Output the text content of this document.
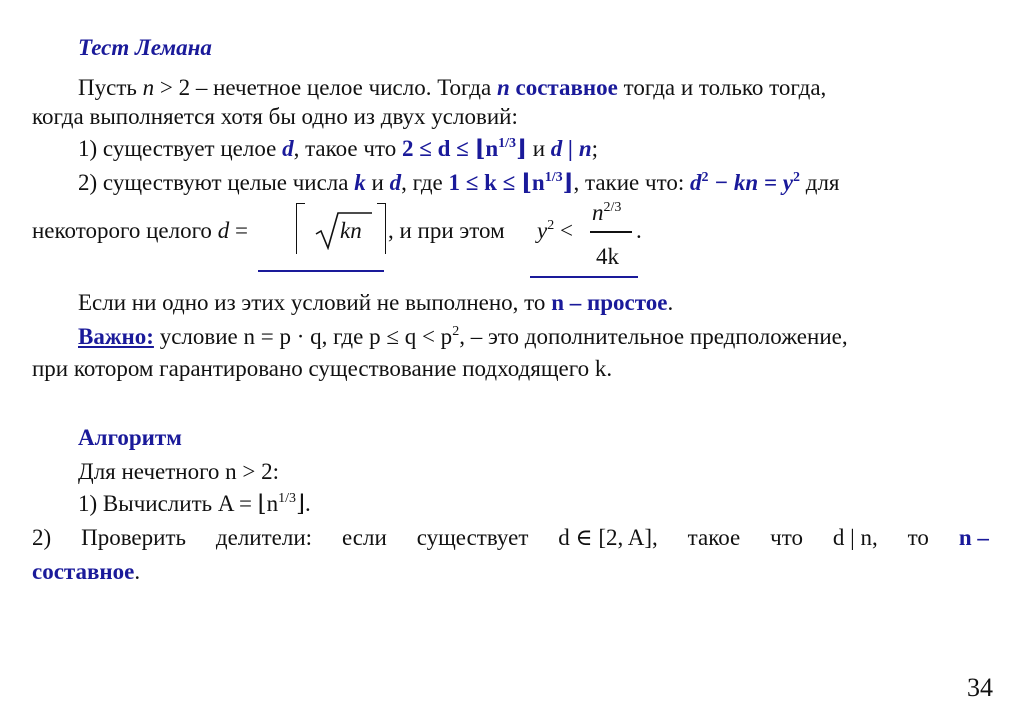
Тест Лемана
Пусть n > 2 – нечетное целое число. Тогда n составное тогда и только тогда,
когда выполняется хотя бы одно из двух условий:
1) существует целое d, такое что $2 \le d \le ⌊n^{1/3}⌋$ и d | n;
2) существуют целые числа k и d, где $1 \le k \le ⌊n^{1/3}⌋$, такие что: $d^2$ − kn = $y^2$ для
некоторого целого d =	kn , и при этом $y^2$ <
$n^{2/3}$
4k
.
Если ни одно из этих условий не выполнено, то n – простое.
Важно: условие n = p · q, где $p \le q < p^2$, – это дополнительное предположение,
при котором гарантировано существование подходящего k.
Алгоритм
Для нечетного n > 2:
1) Вычислить $A = ⌊n^{1/3}⌋$.
2) Проверить делители: если существует d ∈ [2, A], такое что d | n, то n –
составное.
34
